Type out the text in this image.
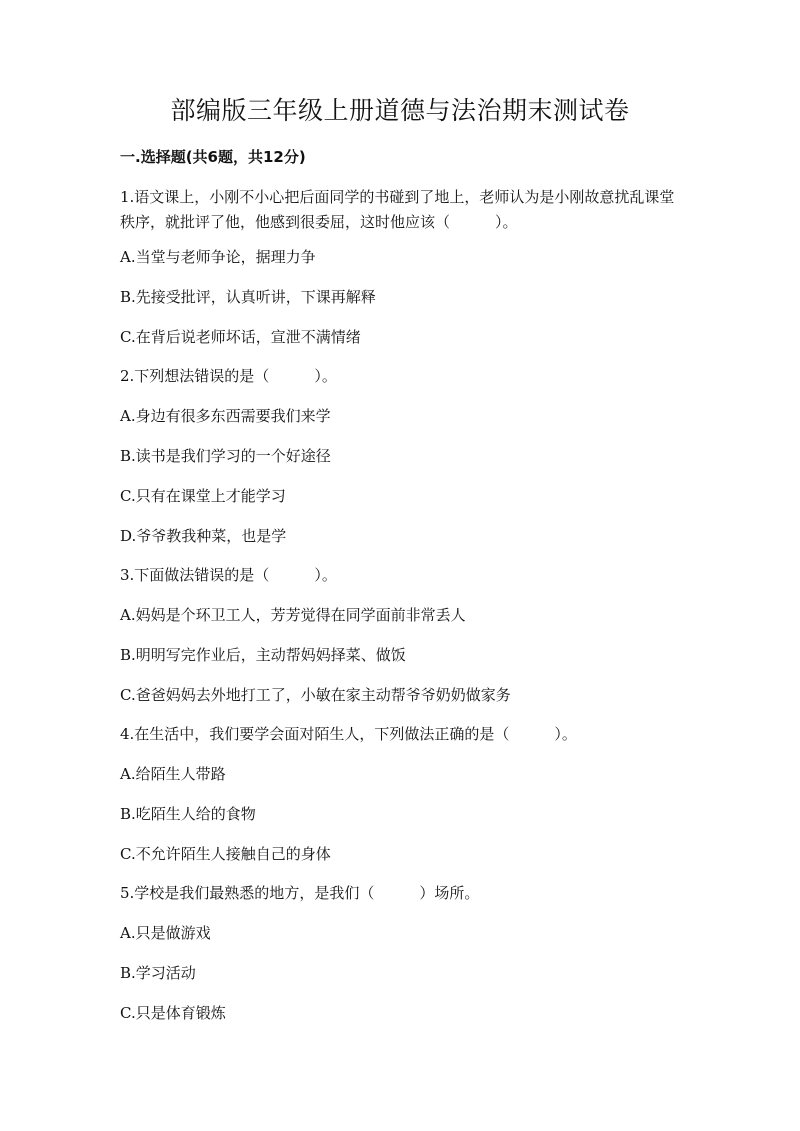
部编版三年级上册道德与法治期末测试卷
一.选择题(共6题，共12分)
1.语文课上，小刚不小心把后面同学的书碰到了地上，老师认为是小刚故意扰乱课堂秩序，就批评了他，他感到很委屈，这时他应该（　　　）。
A.当堂与老师争论，据理力争
B.先接受批评，认真听讲，下课再解释
C.在背后说老师坏话，宣泄不满情绪
2.下列想法错误的是（　　　）。
A.身边有很多东西需要我们来学
B.读书是我们学习的一个好途径
C.只有在课堂上才能学习
D.爷爷教我种菜，也是学
3.下面做法错误的是（　　　）。
A.妈妈是个环卫工人，芳芳觉得在同学面前非常丢人
B.明明写完作业后，主动帮妈妈择菜、做饭
C.爸爸妈妈去外地打工了，小敏在家主动帮爷爷奶奶做家务
4.在生活中，我们要学会面对陌生人，下列做法正确的是（　　　）。
A.给陌生人带路
B.吃陌生人给的食物
C.不允许陌生人接触自己的身体
5.学校是我们最熟悉的地方，是我们（　　　）场所。
A.只是做游戏
B.学习活动
C.只是体育锻炼
